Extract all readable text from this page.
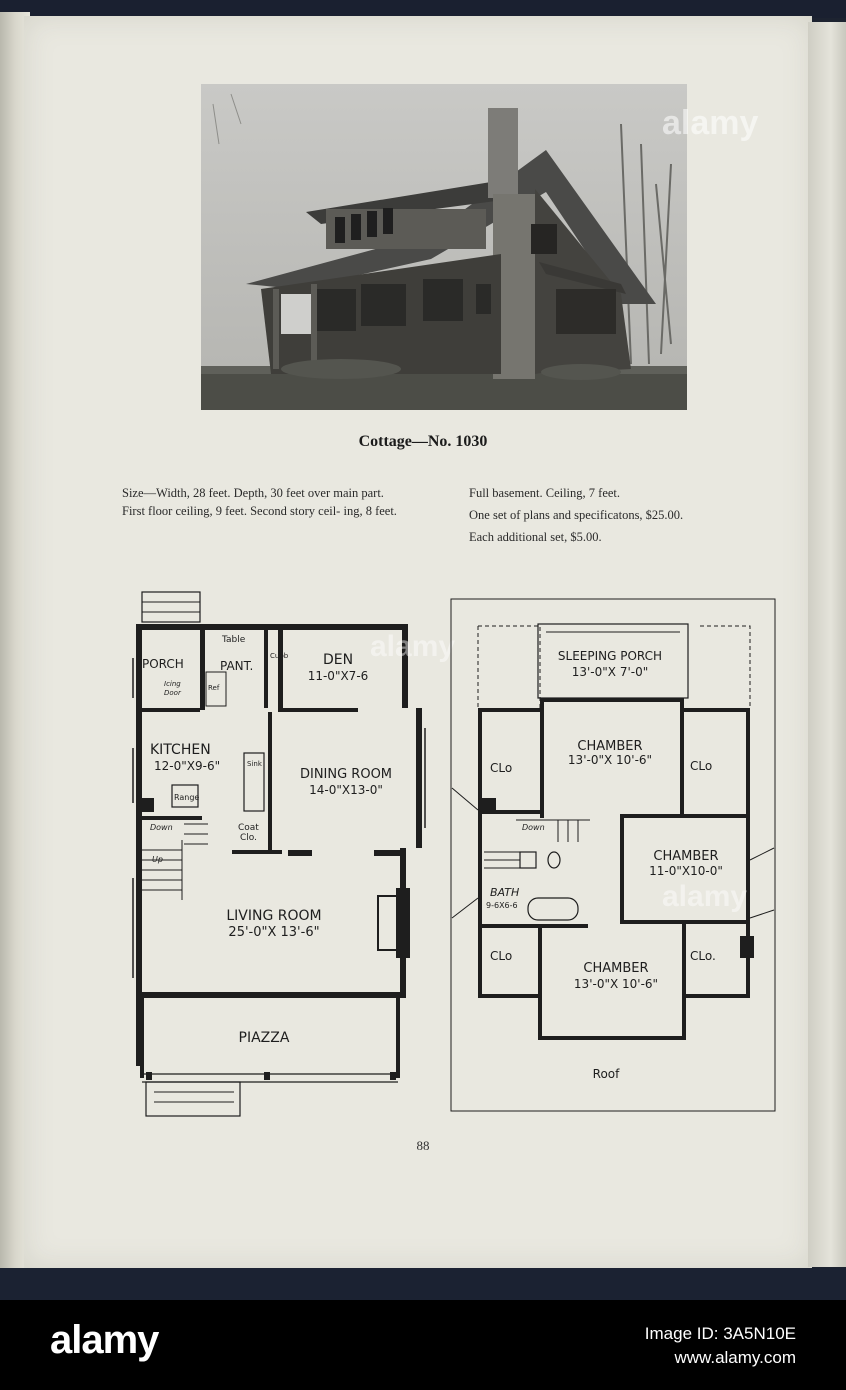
alamy
Cottage—No. 1030

Size—Width, 28 feet. Depth, 30 feet over main part.

First floor ceiling, 9 feet. Second story ceil- ing, 8 feet.

Full basement. Ceiling, 7 feet.

One set of plans and specificatons, $25.00.

Each additional set, $5.00.

PORCH
Table
PANT.
Icing
Door
Ref
Cupb DEN
11-0"X7-6
KITCHEN
12-0"X9-6"	Sink
Range
DINING ROOM
14-0"X13-0"
Down
Up
Coat
Clo.
LIVING ROOM
25'-0"X 13'-6"
PIAZZA
alamy	SLEEPING PORCH
13'-0"X 7'-0"
CHAMBER
13'-0"X 10'-6"
CLo	CLo
Down
CHAMBER
11-0"X10-0"
BATH
9-6X6-6
CLo	CLo.
CHAMBER
13'-0"X 10'-6"
Roof
alamy
88
alamy	Image ID: 3A5N10E
www.alamy.com
